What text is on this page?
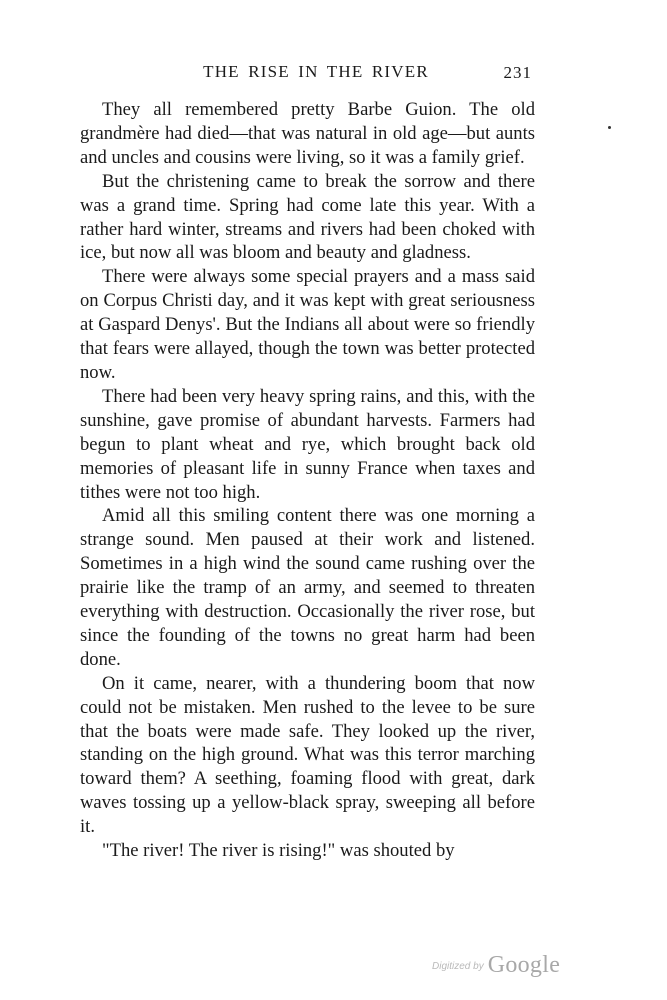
THE RISE IN THE RIVER	231

They all remembered pretty Barbe Guion. The old grandmère had died—that was natural in old age—but aunts and uncles and cousins were living, so it was a family grief.

But the christening came to break the sorrow and there was a grand time. Spring had come late this year. With a rather hard winter, streams and rivers had been choked with ice, but now all was bloom and beauty and gladness.

There were always some special prayers and a mass said on Corpus Christi day, and it was kept with great seriousness at Gaspard Denys'. But the Indians all about were so friendly that fears were allayed, though the town was better protected now.

There had been very heavy spring rains, and this, with the sunshine, gave promise of abundant harvests. Farmers had begun to plant wheat and rye, which brought back old memories of pleasant life in sunny France when taxes and tithes were not too high.

Amid all this smiling content there was one morning a strange sound. Men paused at their work and listened. Sometimes in a high wind the sound came rushing over the prairie like the tramp of an army, and seemed to threaten everything with destruction. Occasionally the river rose, but since the founding of the towns no great harm had been done.

On it came, nearer, with a thundering boom that now could not be mistaken. Men rushed to the levee to be sure that the boats were made safe. They looked up the river, standing on the high ground. What was this terror marching toward them? A seething, foaming flood with great, dark waves tossing up a yellow-black spray, sweeping all before it.

"The river! The river is rising!" was shouted by

Digitized by Google
